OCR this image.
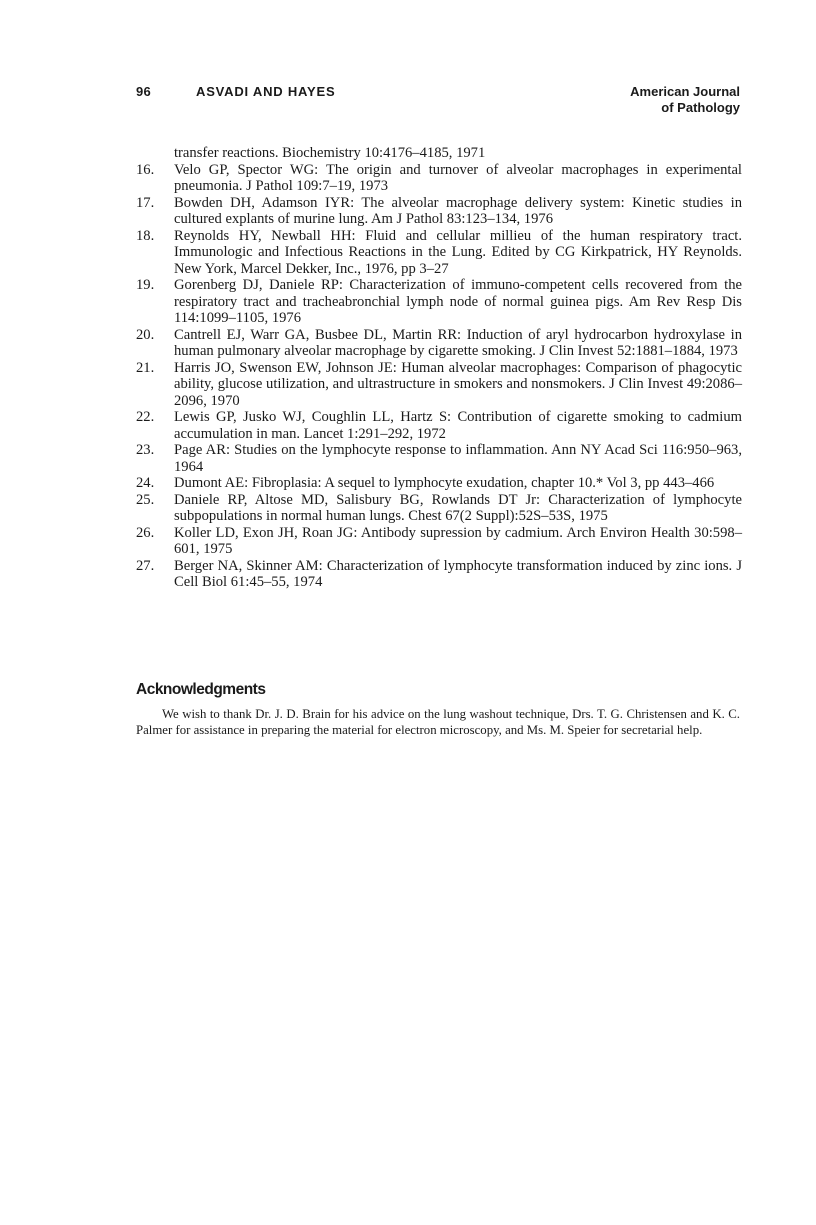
96	ASVADI AND HAYES	American Journal
of Pathology
transfer reactions. Biochemistry 10:4176–4185, 1971
16. Velo GP, Spector WG: The origin and turnover of alveolar macrophages in experimental pneumonia. J Pathol 109:7–19, 1973
17. Bowden DH, Adamson IYR: The alveolar macrophage delivery system: Kinetic studies in cultured explants of murine lung. Am J Pathol 83:123–134, 1976
18. Reynolds HY, Newball HH: Fluid and cellular millieu of the human respiratory tract. Immunologic and Infectious Reactions in the Lung. Edited by CG Kirkpatrick, HY Reynolds. New York, Marcel Dekker, Inc., 1976, pp 3–27
19. Gorenberg DJ, Daniele RP: Characterization of immuno-competent cells recovered from the respiratory tract and tracheabronchial lymph node of normal guinea pigs. Am Rev Resp Dis 114:1099–1105, 1976
20. Cantrell EJ, Warr GA, Busbee DL, Martin RR: Induction of aryl hydrocarbon hydroxylase in human pulmonary alveolar macrophage by cigarette smoking. J Clin Invest 52:1881–1884, 1973
21. Harris JO, Swenson EW, Johnson JE: Human alveolar macrophages: Comparison of phagocytic ability, glucose utilization, and ultrastructure in smokers and nonsmokers. J Clin Invest 49:2086–2096, 1970
22. Lewis GP, Jusko WJ, Coughlin LL, Hartz S: Contribution of cigarette smoking to cadmium accumulation in man. Lancet 1:291–292, 1972
23. Page AR: Studies on the lymphocyte response to inflammation. Ann NY Acad Sci 116:950–963, 1964
24. Dumont AE: Fibroplasia: A sequel to lymphocyte exudation, chapter 10.* Vol 3, pp 443–466
25. Daniele RP, Altose MD, Salisbury BG, Rowlands DT Jr: Characterization of lymphocyte subpopulations in normal human lungs. Chest 67(2 Suppl):52S–53S, 1975
26. Koller LD, Exon JH, Roan JG: Antibody supression by cadmium. Arch Environ Health 30:598–601, 1975
27. Berger NA, Skinner AM: Characterization of lymphocyte transformation induced by zinc ions. J Cell Biol 61:45–55, 1974
Acknowledgments
We wish to thank Dr. J. D. Brain for his advice on the lung washout technique, Drs. T. G. Christensen and K. C. Palmer for assistance in preparing the material for electron microscopy, and Ms. M. Speier for secretarial help.
